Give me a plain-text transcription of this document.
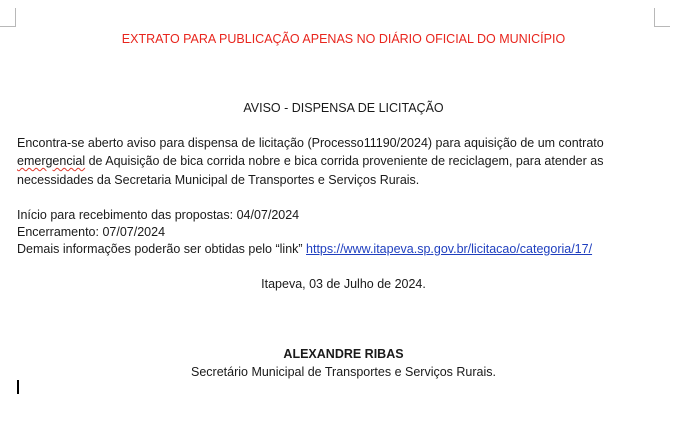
EXTRATO PARA PUBLICAÇÃO APENAS NO DIÁRIO OFICIAL DO MUNICÍPIO
AVISO - DISPENSA DE LICITAÇÃO
Encontra-se aberto aviso para dispensa de licitação (Processo11190/2024) para aquisição de um contrato
emergencial de Aquisição de bica corrida nobre e bica corrida proveniente de reciclagem, para atender as
necessidades da Secretaria Municipal de Transportes e Serviços Rurais.
Início para recebimento das propostas: 04/07/2024
Encerramento: 07/07/2024
Demais informações poderão ser obtidas pelo “link” https://www.itapeva.sp.gov.br/licitacao/categoria/17/
Itapeva, 03 de Julho de 2024.
ALEXANDRE RIBAS
Secretário Municipal de Transportes e Serviços Rurais.
